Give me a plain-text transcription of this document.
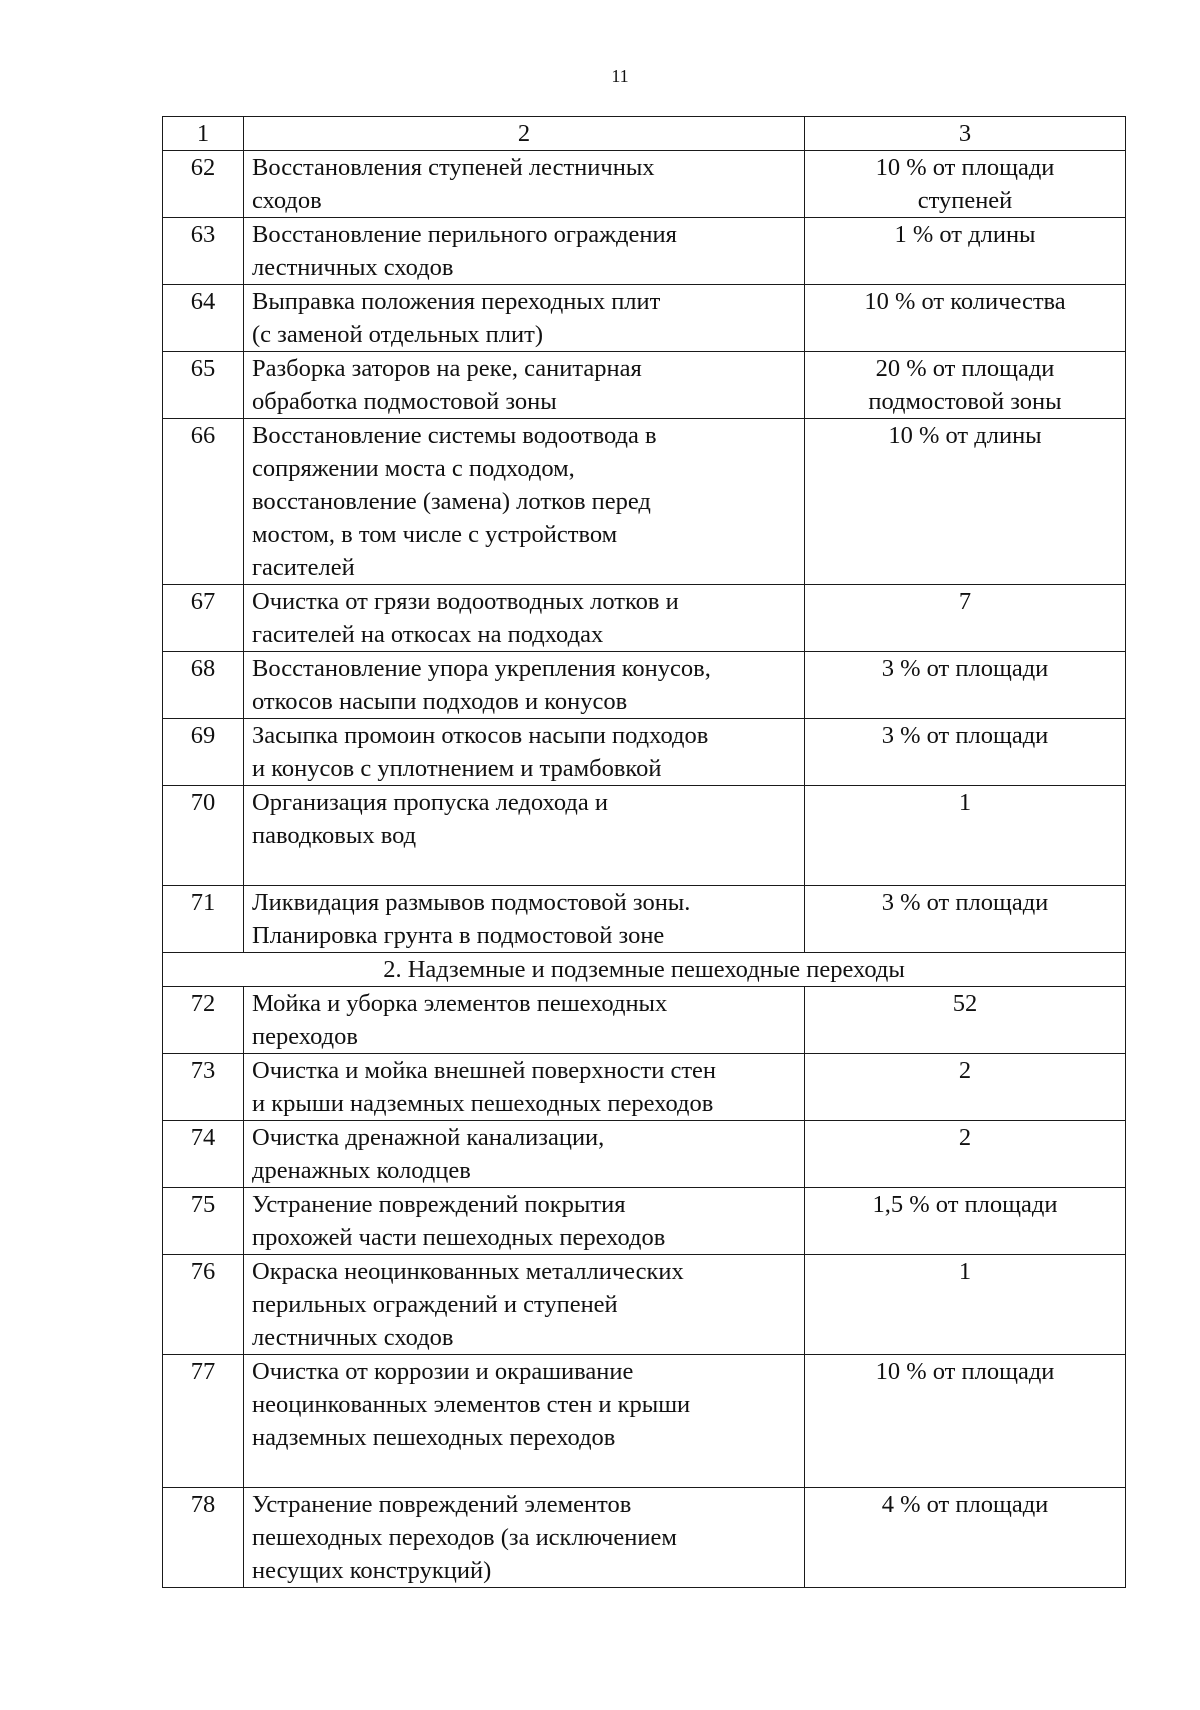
11
1	2	3
62	Восстановления ступеней лестничных
сходов	10 % от площади
ступеней

63	Восстановление перильного ограждения
лестничных сходов	1 % от длины

64	Выправка положения переходных плит
(с заменой отдельных плит)	10 % от количества

65	Разборка заторов на реке, санитарная
обработка подмостовой зоны	20 % от площади
подмостовой зоны

66	Восстановление системы водоотвода в
сопряжении моста с подходом,
восстановление (замена) лотков перед
мостом, в том числе с устройством
гасителей	10 % от длины

67	Очистка от грязи водоотводных лотков и
гасителей на откосах на подходах	7

68	Восстановление упора укрепления конусов,
откосов насыпи подходов и конусов	3 % от площади

69	Засыпка промоин откосов насыпи подходов
и конусов с уплотнением и трамбовкой	3 % от площади

70	Организация пропуска ледохода и
паводковых вод	1

71	Ликвидация размывов подмостовой зоны.
Планировка грунта в подмостовой зоне	3 % от площади

2. Надземные и подземные пешеходные переходы		
72	Мойка и уборка элементов пешеходных
переходов	52

73	Очистка и мойка внешней поверхности стен
и крыши надземных пешеходных переходов	2

74	Очистка дренажной канализации,
дренажных колодцев	2

75	Устранение повреждений покрытия
прохожей части пешеходных переходов	1,5 % от площади

76	Окраска неоцинкованных металлических
перильных ограждений и ступеней
лестничных сходов	1

77	Очистка от коррозии и окрашивание
неоцинкованных элементов стен и крыши
надземных пешеходных переходов	10 % от площади

78	Устранение повреждений элементов
пешеходных переходов (за исключением
несущих конструкций)	4 % от площади
